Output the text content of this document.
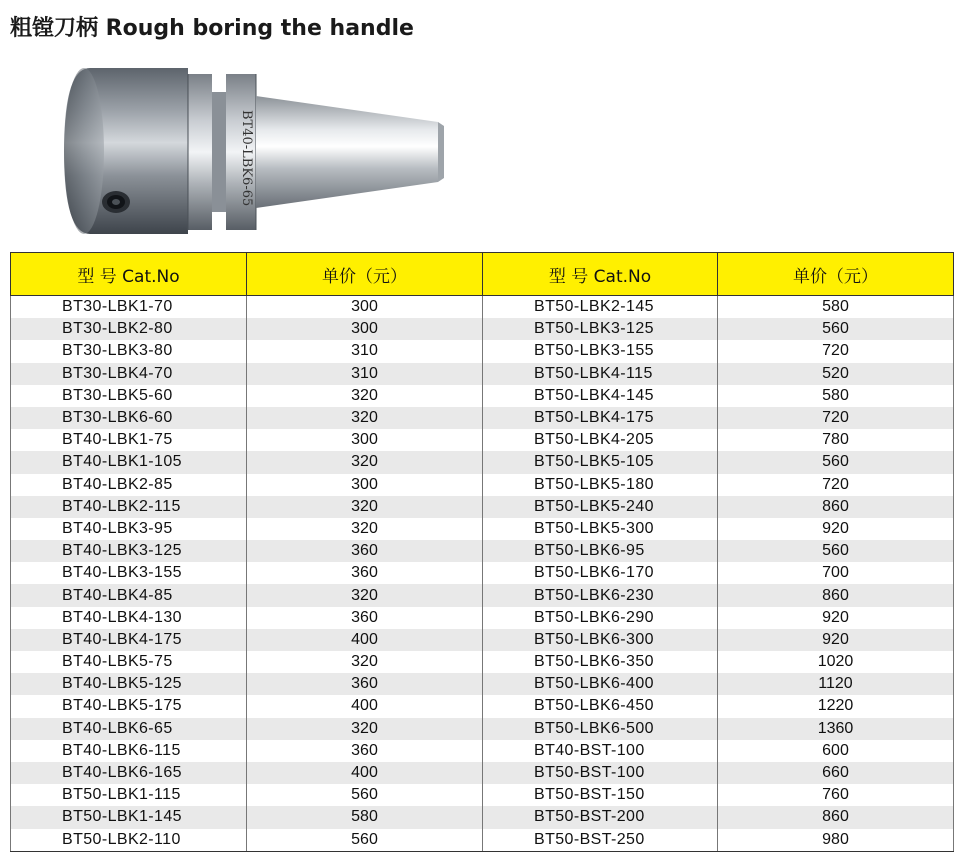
粗镗刀柄 Rough boring the handle
BT40-LBK6-65
型 号 Cat.No	单价（元）	型 号 Cat.No	单价（元）
BT30-LBK1-70	300	BT50-LBK2-145	580
BT30-LBK2-80	300	BT50-LBK3-125	560
BT30-LBK3-80	310	BT50-LBK3-155	720
BT30-LBK4-70	310	BT50-LBK4-115	520
BT30-LBK5-60	320	BT50-LBK4-145	580
BT30-LBK6-60	320	BT50-LBK4-175	720
BT40-LBK1-75	300	BT50-LBK4-205	780
BT40-LBK1-105	320	BT50-LBK5-105	560
BT40-LBK2-85	300	BT50-LBK5-180	720
BT40-LBK2-115	320	BT50-LBK5-240	860
BT40-LBK3-95	320	BT50-LBK5-300	920
BT40-LBK3-125	360	BT50-LBK6-95	560
BT40-LBK3-155	360	BT50-LBK6-170	700
BT40-LBK4-85	320	BT50-LBK6-230	860
BT40-LBK4-130	360	BT50-LBK6-290	920
BT40-LBK4-175	400	BT50-LBK6-300	920
BT40-LBK5-75	320	BT50-LBK6-350	1020
BT40-LBK5-125	360	BT50-LBK6-400	1120
BT40-LBK5-175	400	BT50-LBK6-450	1220
BT40-LBK6-65	320	BT50-LBK6-500	1360
BT40-LBK6-115	360	BT40-BST-100	600
BT40-LBK6-165	400	BT50-BST-100	660
BT50-LBK1-115	560	BT50-BST-150	760
BT50-LBK1-145	580	BT50-BST-200	860
BT50-LBK2-110	560	BT50-BST-250	980
